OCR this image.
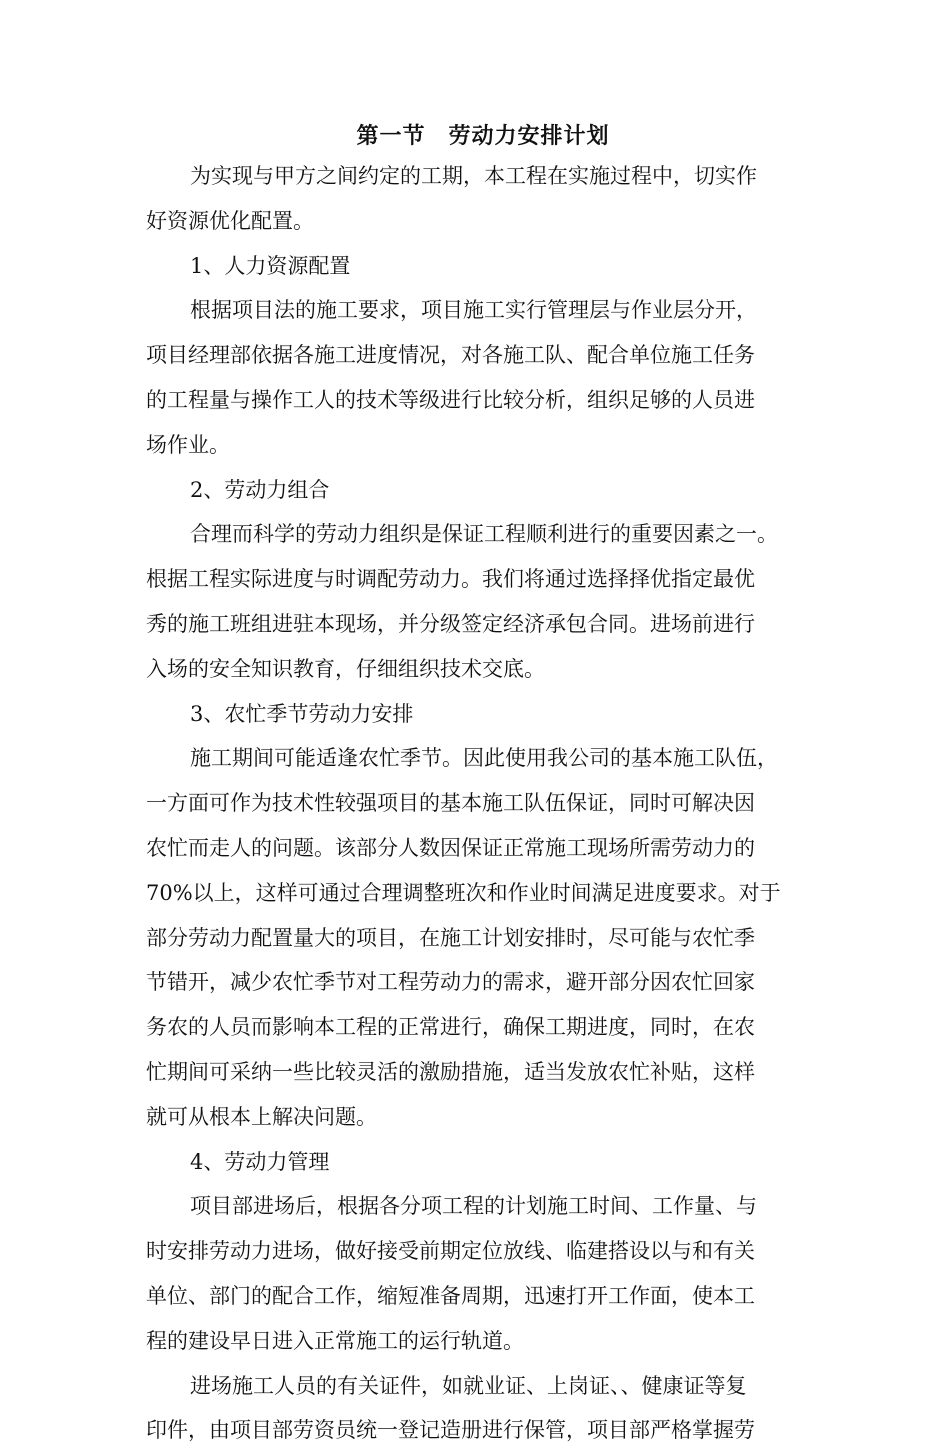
第一节　劳动力安排计划
为实现与甲方之间约定的工期，本工程在实施过程中，切实作
好资源优化配置。
1、人力资源配置
根据项目法的施工要求，项目施工实行管理层与作业层分开，
项目经理部依据各施工进度情况，对各施工队、配合单位施工任务
的工程量与操作工人的技术等级进行比较分析，组织足够的人员进
场作业。
2、劳动力组合
合理而科学的劳动力组织是保证工程顺利进行的重要因素之一。
根据工程实际进度与时调配劳动力。我们将通过选择择优指定最优
秀的施工班组进驻本现场，并分级签定经济承包合同。进场前进行
入场的安全知识教育，仔细组织技术交底。
3、农忙季节劳动力安排
施工期间可能适逢农忙季节。因此使用我公司的基本施工队伍，
一方面可作为技术性较强项目的基本施工队伍保证，同时可解决因
农忙而走人的问题。该部分人数因保证正常施工现场所需劳动力的
70%以上，这样可通过合理调整班次和作业时间满足进度要求。对于
部分劳动力配置量大的项目，在施工计划安排时，尽可能与农忙季
节错开，减少农忙季节对工程劳动力的需求，避开部分因农忙回家
务农的人员而影响本工程的正常进行，确保工期进度，同时，在农
忙期间可采纳一些比较灵活的激励措施，适当发放农忙补贴，这样
就可从根本上解决问题。
4、劳动力管理
项目部进场后，根据各分项工程的计划施工时间、工作量、与
时安排劳动力进场，做好接受前期定位放线、临建搭设以与和有关
单位、部门的配合工作，缩短准备周期，迅速打开工作面，使本工
程的建设早日进入正常施工的运行轨道。
进场施工人员的有关证件，如就业证、上岗证、、健康证等复
印件，由项目部劳资员统一登记造册进行保管，项目部严格掌握劳
